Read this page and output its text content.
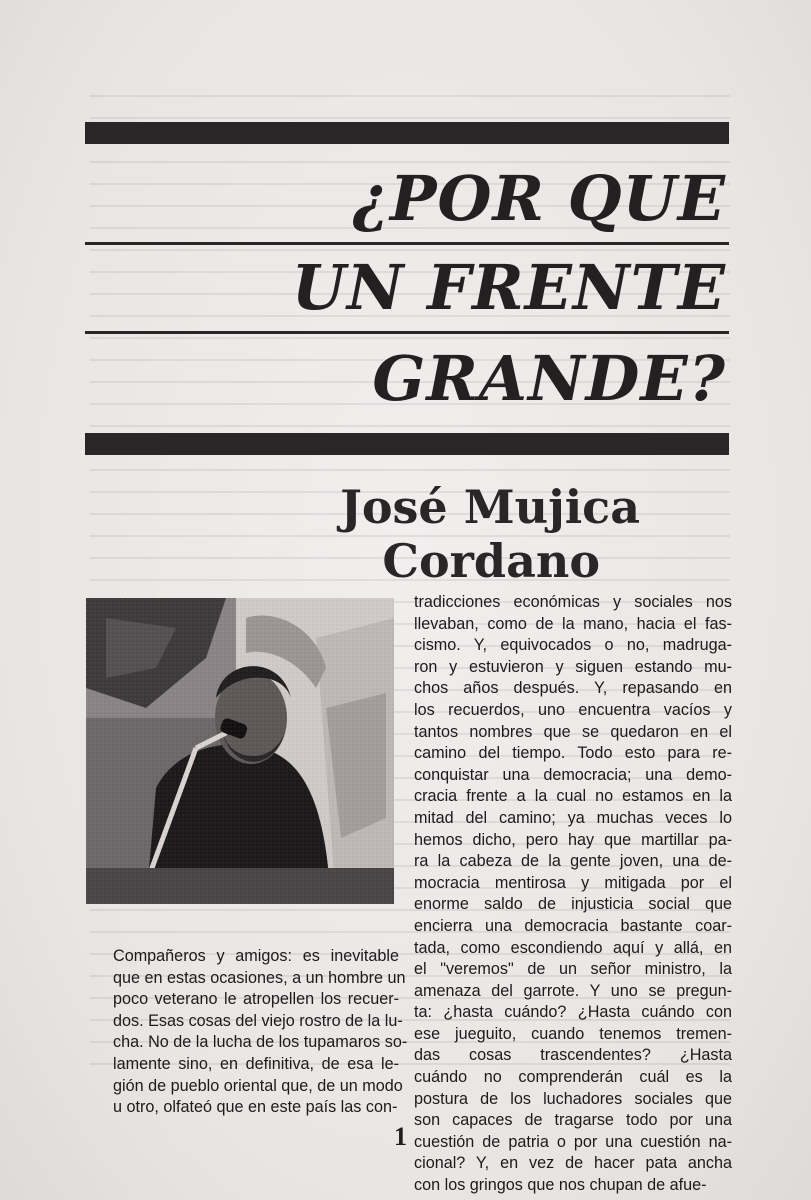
¿POR QUE
UN FRENTE
GRANDE?
José Mujica
Cordano
Compañeros y amigos: es inevitable
que en estas ocasiones, a un hombre un
poco veterano le atropellen los recuer-
dos. Esas cosas del viejo rostro de la lu-
cha. No de la lucha de los tupamaros so-
lamente sino, en definitiva, de esa le-
gión de pueblo oriental que, de un modo
u otro, olfateó que en este país las con-
tradicciones económicas y sociales nos
llevaban, como de la mano, hacia el fas-
cismo. Y, equivocados o no, madruga-
ron y estuvieron y siguen estando mu-
chos años después. Y, repasando en
los recuerdos, uno encuentra vacíos y
tantos nombres que se quedaron en el
camino del tiempo. Todo esto para re-
conquistar una democracia; una demo-
cracia frente a la cual no estamos en la
mitad del camino; ya muchas veces lo
hemos dicho, pero hay que martillar pa-
ra la cabeza de la gente joven, una de-
mocracia mentirosa y mitigada por el
enorme saldo de injusticia social que
encierra una democracia bastante coar-
tada, como escondiendo aquí y allá, en
el "veremos" de un señor ministro, la
amenaza del garrote. Y uno se pregun-
ta: ¿hasta cuándo? ¿Hasta cuándo con
ese jueguito, cuando tenemos tremen-
das cosas trascendentes? ¿Hasta
cuándo no comprenderán cuál es la
postura de los luchadores sociales que
son capaces de tragarse todo por una
cuestión de patria o por una cuestión na-
cional? Y, en vez de hacer pata ancha
con los gringos que nos chupan de afue-
1
